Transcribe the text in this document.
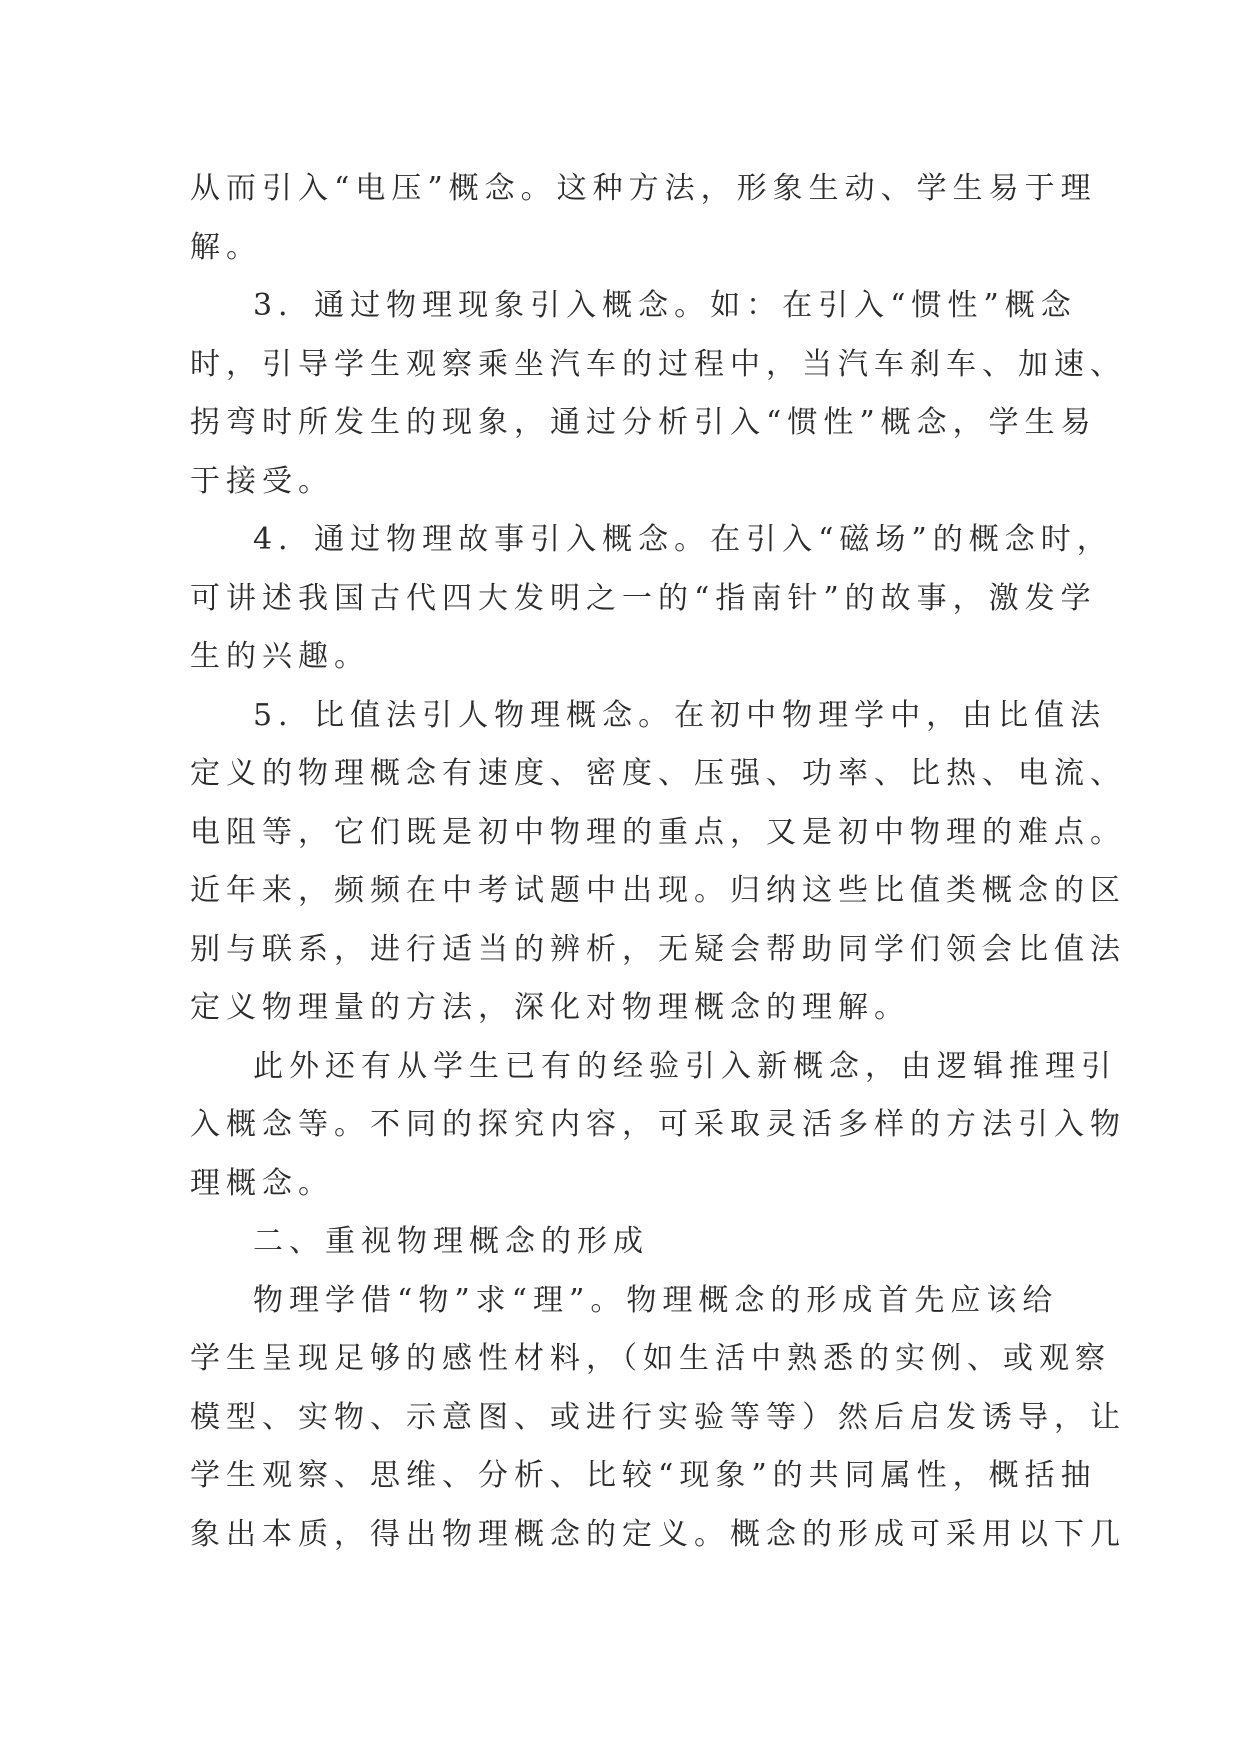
从而引入“电压”概念。这种方法，形象生动、学生易于理
解。
3．通过物理现象引入概念。如：在引入“惯性”概念
时，引导学生观察乘坐汽车的过程中，当汽车刹车、加速、
拐弯时所发生的现象，通过分析引入“惯性”概念，学生易
于接受。
4．通过物理故事引入概念。在引入“磁场”的概念时，
可讲述我国古代四大发明之一的“指南针”的故事，激发学
生的兴趣。
5．比值法引人物理概念。在初中物理学中，由比值法
定义的物理概念有速度、密度、压强、功率、比热、电流、
电阻等，它们既是初中物理的重点，又是初中物理的难点。
近年来，频频在中考试题中出现。归纳这些比值类概念的区
别与联系，进行适当的辨析，无疑会帮助同学们领会比值法
定义物理量的方法，深化对物理概念的理解。
此外还有从学生已有的经验引入新概念，由逻辑推理引
入概念等。不同的探究内容，可采取灵活多样的方法引入物
理概念。
二、重视物理概念的形成
物理学借“物”求“理”。物理概念的形成首先应该给
学生呈现足够的感性材料，（如生活中熟悉的实例、或观察
模型、实物、示意图、或进行实验等等）然后启发诱导，让
学生观察、思维、分析、比较“现象”的共同属性，概括抽
象出本质，得出物理概念的定义。概念的形成可采用以下几
